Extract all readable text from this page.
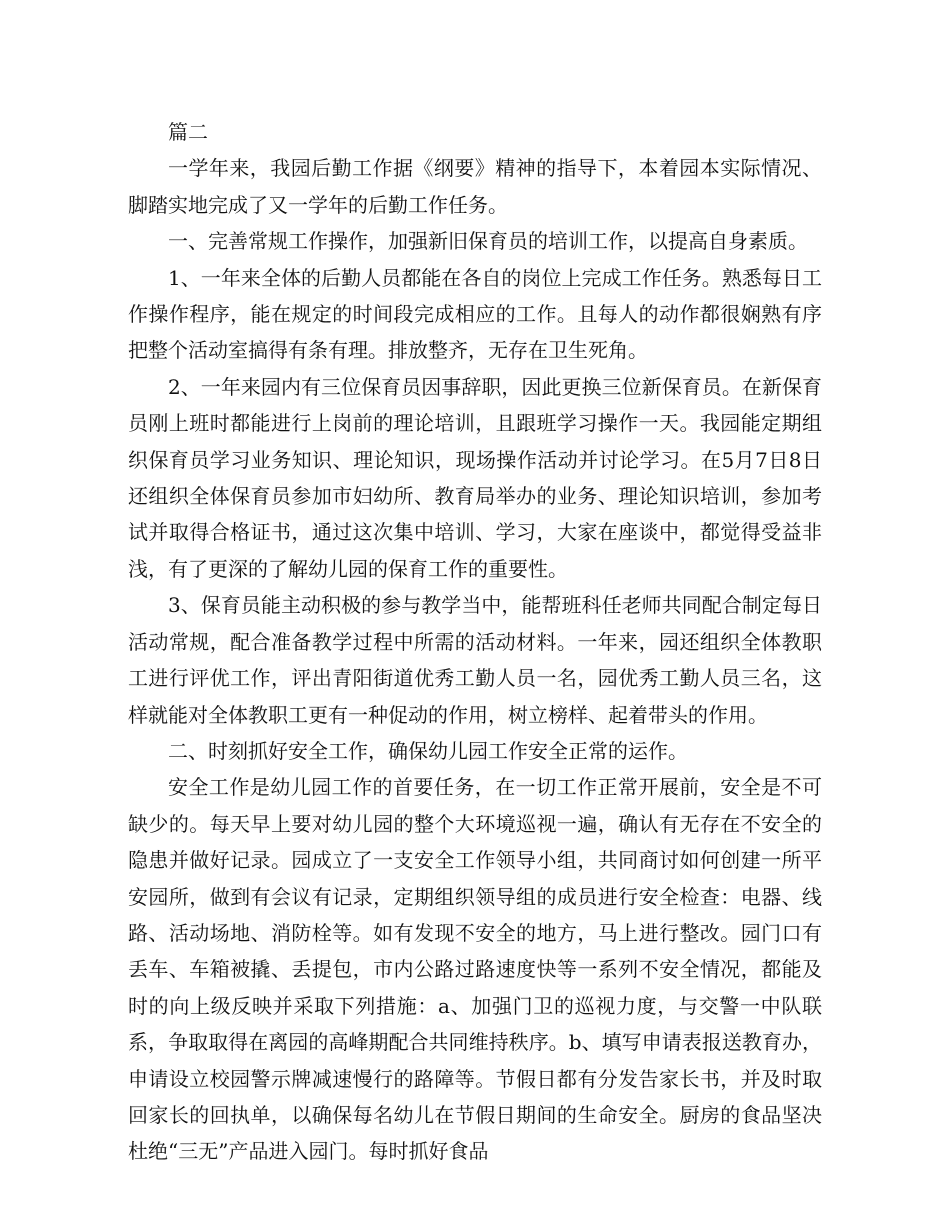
篇二

一学年来，我园后勤工作据《纲要》精神的指导下，本着园本实际情况、脚踏实地完成了又一学年的后勤工作任务。

一、完善常规工作操作，加强新旧保育员的培训工作，以提高自身素质。

1、一年来全体的后勤人员都能在各自的岗位上完成工作任务。熟悉每日工作操作程序，能在规定的时间段完成相应的工作。且每人的动作都很娴熟有序把整个活动室搞得有条有理。排放整齐，无存在卫生死角。

2、一年来园内有三位保育员因事辞职，因此更换三位新保育员。在新保育员刚上班时都能进行上岗前的理论培训，且跟班学习操作一天。我园能定期组织保育员学习业务知识、理论知识，现场操作活动并讨论学习。在5月7日8日还组织全体保育员参加市妇幼所、教育局举办的业务、理论知识培训，参加考试并取得合格证书，通过这次集中培训、学习，大家在座谈中，都觉得受益非浅，有了更深的了解幼儿园的保育工作的重要性。

3、保育员能主动积极的参与教学当中，能帮班科任老师共同配合制定每日活动常规，配合准备教学过程中所需的活动材料。一年来，园还组织全体教职工进行评优工作，评出青阳街道优秀工勤人员一名，园优秀工勤人员三名，这样就能对全体教职工更有一种促动的作用，树立榜样、起着带头的作用。

二、时刻抓好安全工作，确保幼儿园工作安全正常的运作。

安全工作是幼儿园工作的首要任务，在一切工作正常开展前，安全是不可缺少的。每天早上要对幼儿园的整个大环境巡视一遍，确认有无存在不安全的隐患并做好记录。园成立了一支安全工作领导小组，共同商讨如何创建一所平安园所，做到有会议有记录，定期组织领导组的成员进行安全检查：电器、线路、活动场地、消防栓等。如有发现不安全的地方，马上进行整改。园门口有丢车、车箱被撬、丢提包，市内公路过路速度快等一系列不安全情况，都能及时的向上级反映并采取下列措施：a、加强门卫的巡视力度，与交警一中队联系，争取取得在离园的高峰期配合共同维持秩序。b、填写申请表报送教育办，申请设立校园警示牌减速慢行的路障等。节假日都有分发告家长书，并及时取回家长的回执单，以确保每名幼儿在节假日期间的生命安全。厨房的食品坚决杜绝“三无”产品进入园门。每时抓好食品
